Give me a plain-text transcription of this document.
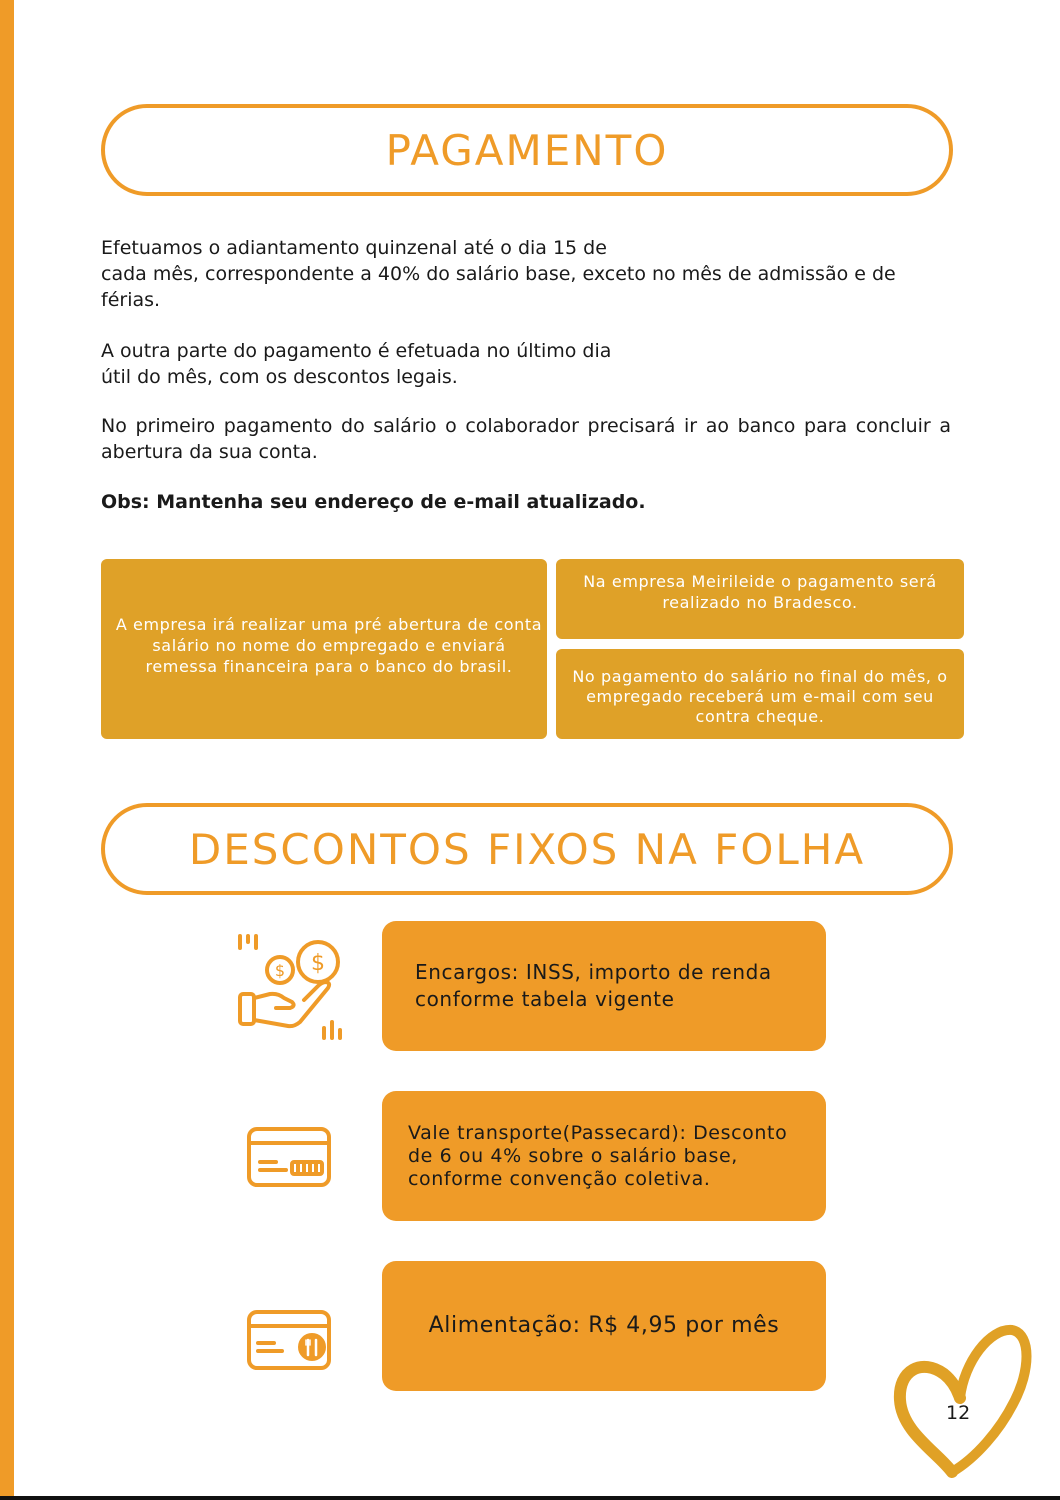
PAGAMENTO
Efetuamos o adiantamento quinzenal até o dia 15 de
cada mês, correspondente a 40% do salário base, exceto no mês de admissão e de férias.
A outra parte do pagamento é efetuada no último dia
útil do mês, com os descontos legais.
No primeiro pagamento do salário o colaborador precisará ir ao banco para concluir a abertura da sua conta.
Obs: Mantenha seu endereço de e-mail atualizado.
A empresa irá realizar uma pré abertura de conta salário no nome do empregado e enviará remessa financeira para o banco do brasil.
Na empresa Meirileide o pagamento será realizado no Bradesco.
No pagamento do salário no final do mês, o empregado receberá um e-mail com seu contra cheque.
DESCONTOS FIXOS NA FOLHA
$
$	Encargos: INSS, importo de renda conforme tabela vigente
Vale transporte(Passecard): Desconto de 6 ou 4% sobre o salário base, conforme convenção coletiva.
Alimentação: R$ 4,95 por mês
12
